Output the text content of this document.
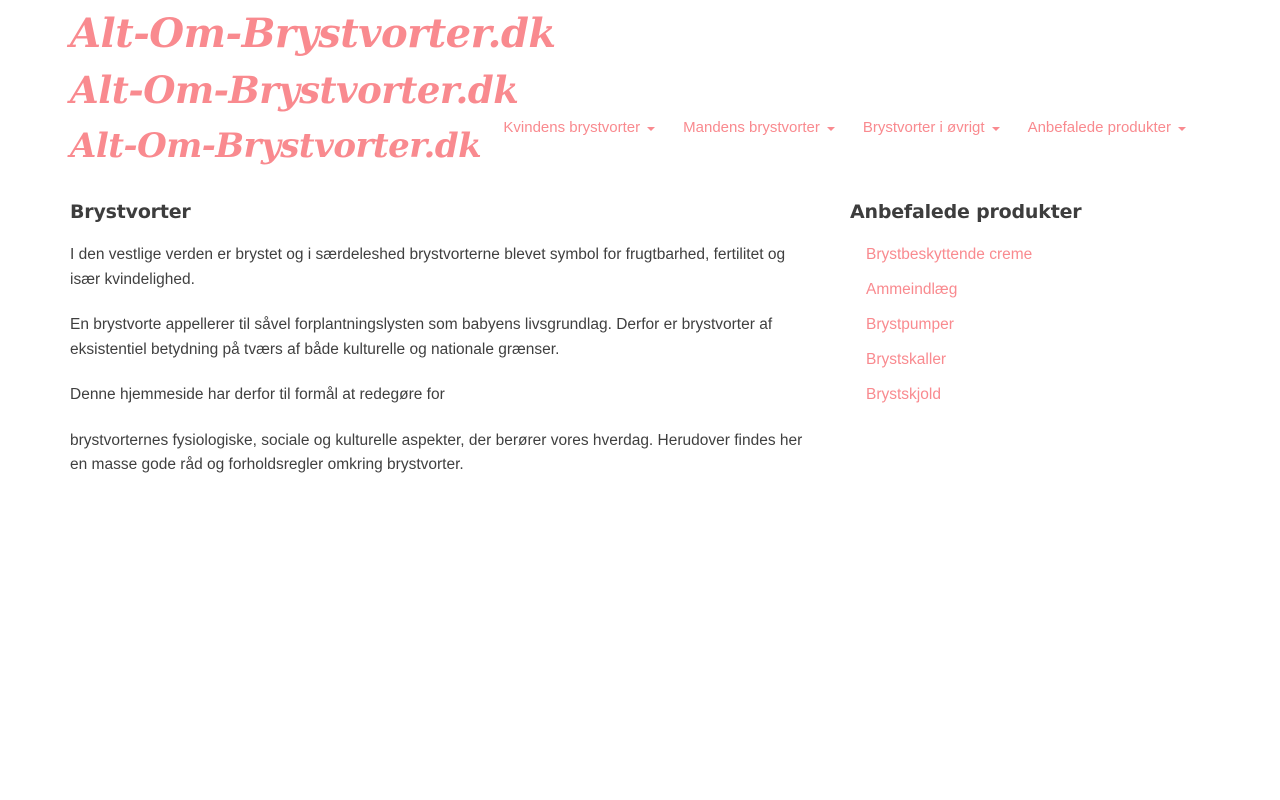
Alt-Om-Brystvorter.dk
Alt-Om-Brystvorter.dk
Alt-Om-Brystvorter.dk	Kvindens brystvorter	Mandens brystvorter	Brystvorter i øvrigt	Anbefalede produkter
Brystvorter

I den vestlige verden er brystet og i særdeleshed brystvorterne blevet symbol for frugtbarhed, fertilitet og især kvindelighed.

En brystvorte appellerer til såvel forplantningslysten som babyens livsgrundlag. Derfor er brystvorter af eksistentiel betydning på tværs af både kulturelle og nationale grænser.

Denne hjemmeside har derfor til formål at redegøre for

brystvorternes fysiologiske, sociale og kulturelle aspekter, der berører vores hverdag. Herudover findes her en masse gode råd og forholdsregler omkring brystvorter.

Anbefalede produkter
Brystbeskyttende creme
Ammeindlæg
Brystpumper
Brystskaller
Brystskjold
